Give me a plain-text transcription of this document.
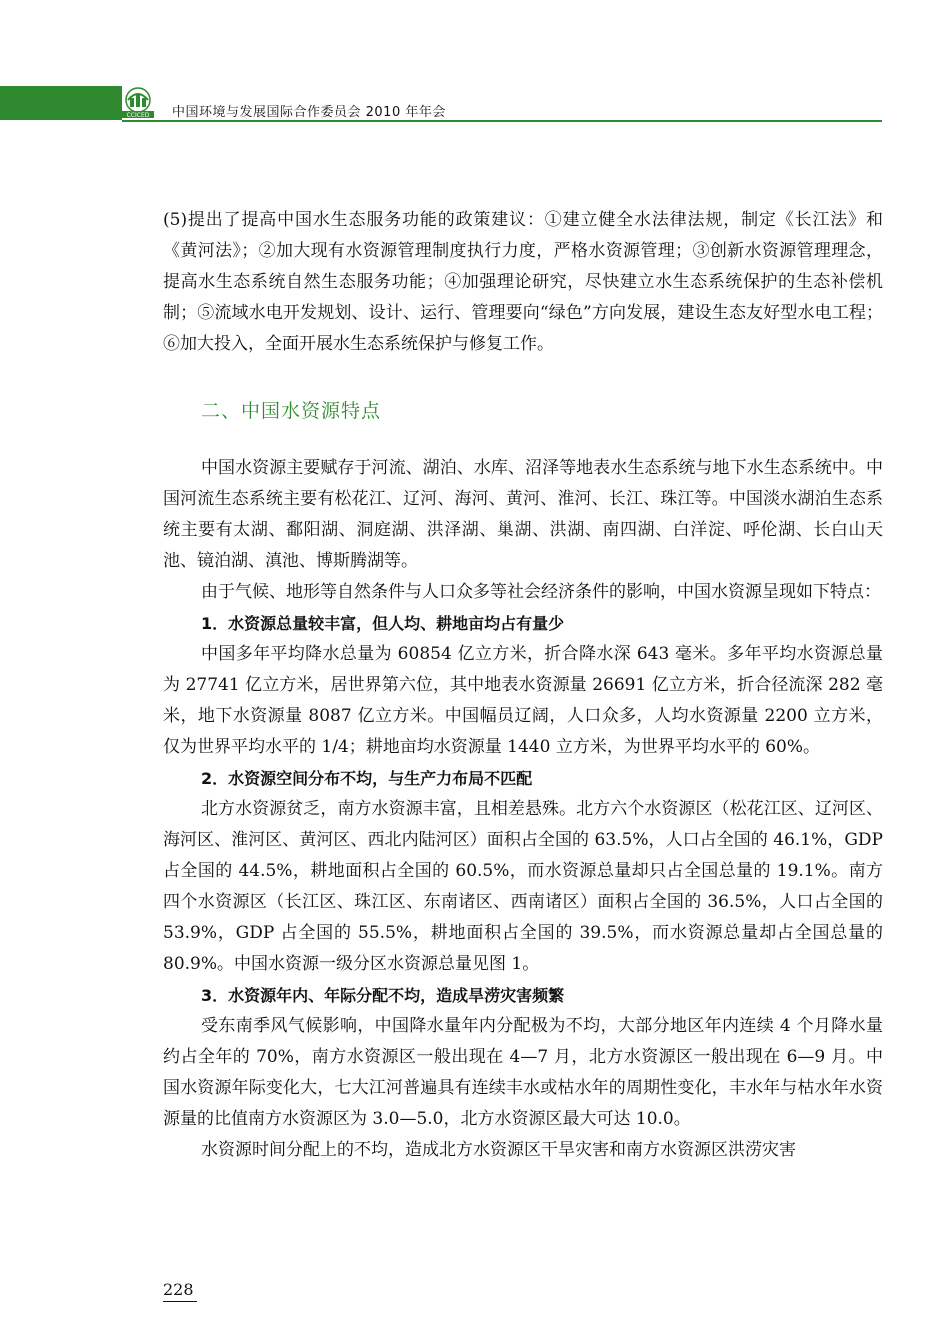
CCICED 中国环境与发展国际合作委员会 2010 年年会

(5)提出了提高中国水生态服务功能的政策建议：①建立健全水法律法规，制定《长江法》和《黄河法》；②加大现有水资源管理制度执行力度，严格水资源管理；③创新水资源管理理念，提高水生态系统自然生态服务功能；④加强理论研究，尽快建立水生态系统保护的生态补偿机制；⑤流域水电开发规划、设计、运行、管理要向“绿色”方向发展，建设生态友好型水电工程；⑥加大投入，全面开展水生态系统保护与修复工作。

二、中国水资源特点

中国水资源主要赋存于河流、湖泊、水库、沼泽等地表水生态系统与地下水生态系统中。中国河流生态系统主要有松花江、辽河、海河、黄河、淮河、长江、珠江等。中国淡水湖泊生态系统主要有太湖、鄱阳湖、洞庭湖、洪泽湖、巢湖、洪湖、南四湖、白洋淀、呼伦湖、长白山天池、镜泊湖、滇池、博斯腾湖等。

由于气候、地形等自然条件与人口众多等社会经济条件的影响，中国水资源呈现如下特点：

1．水资源总量较丰富，但人均、耕地亩均占有量少

中国多年平均降水总量为 60854 亿立方米，折合降水深 643 毫米。多年平均水资源总量为 27741 亿立方米，居世界第六位，其中地表水资源量 26691 亿立方米，折合径流深 282 毫米，地下水资源量 8087 亿立方米。中国幅员辽阔，人口众多，人均水资源量 2200 立方米，仅为世界平均水平的 1/4；耕地亩均水资源量 1440 立方米，为世界平均水平的 60%。

2．水资源空间分布不均，与生产力布局不匹配

北方水资源贫乏，南方水资源丰富，且相差悬殊。北方六个水资源区（松花江区、辽河区、海河区、淮河区、黄河区、西北内陆河区）面积占全国的 63.5%，人口占全国的 46.1%，GDP 占全国的 44.5%，耕地面积占全国的 60.5%，而水资源总量却只占全国总量的 19.1%。南方四个水资源区（长江区、珠江区、东南诸区、西南诸区）面积占全国的 36.5%，人口占全国的 53.9%，GDP 占全国的 55.5%，耕地面积占全国的 39.5%，而水资源总量却占全国总量的 80.9%。中国水资源一级分区水资源总量见图 1。

3．水资源年内、年际分配不均，造成旱涝灾害频繁

受东南季风气候影响，中国降水量年内分配极为不均，大部分地区年内连续 4 个月降水量约占全年的 70%，南方水资源区一般出现在 4—7 月，北方水资源区一般出现在 6—9 月。中国水资源年际变化大，七大江河普遍具有连续丰水或枯水年的周期性变化，丰水年与枯水年水资源量的比值南方水资源区为 3.0—5.0，北方水资源区最大可达 10.0。

水资源时间分配上的不均，造成北方水资源区干旱灾害和南方水资源区洪涝灾害

228
